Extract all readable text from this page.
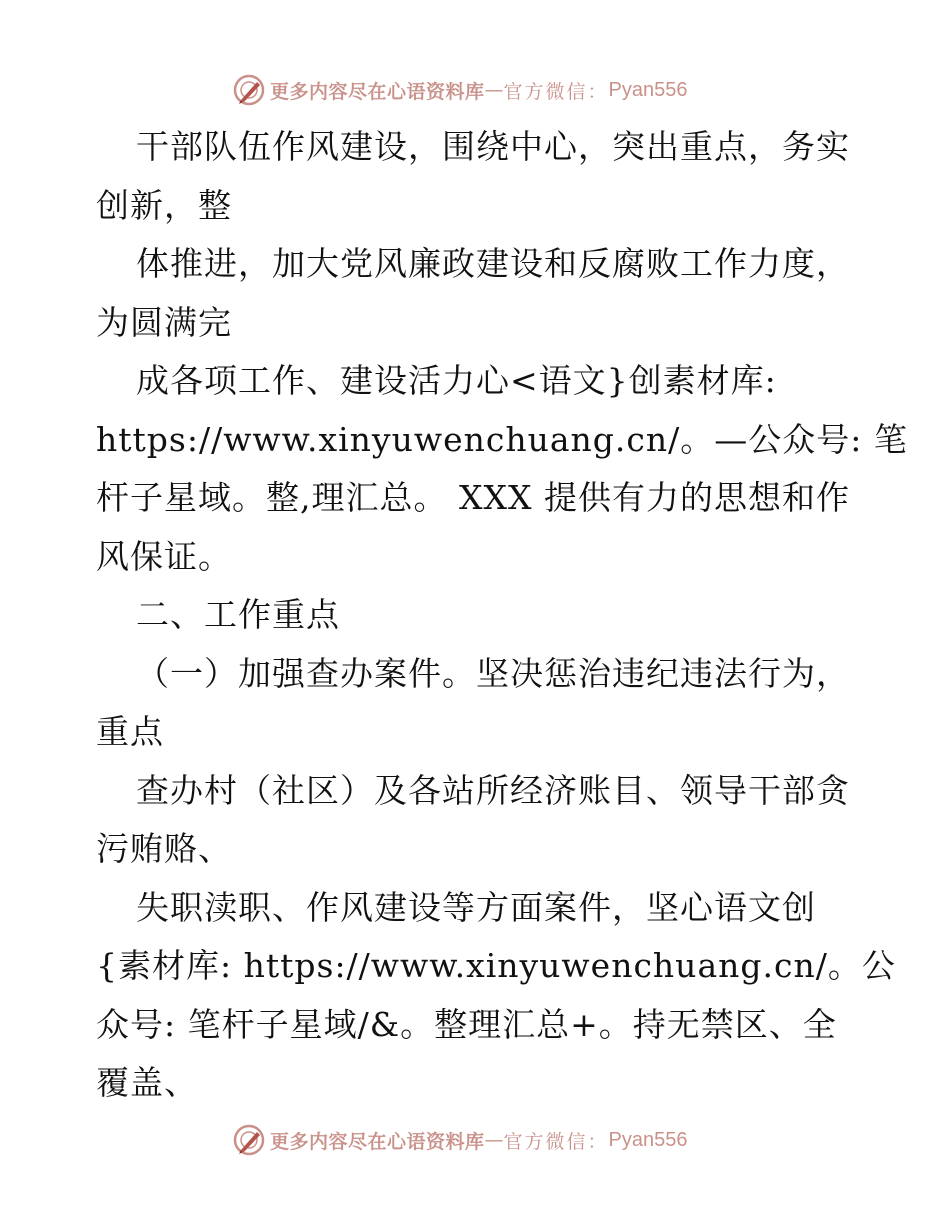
更多内容尽在心语资料库 — 官方微信： Pyan556
干部队伍作风建设，围绕中心，突出重点，务实
创新，整
体推进，加大党风廉政建设和反腐败工作力度，
为圆满完
成各项工作、建设活力心<语文}创素材库:
https://www.xinyuwenchuang.cn/。—公众号: 笔
杆子星域。整,理汇总。 XXX 提供有力的思想和作
风保证。
二、工作重点
（一）加强查办案件。坚决惩治违纪违法行为，
重点
查办村（社区）及各站所经济账目、领导干部贪
污贿赂、
失职渎职、作风建设等方面案件，坚心语文创
{素材库: https://www.xinyuwenchuang.cn/。公
众号: 笔杆子星域/&。整理汇总+。持无禁区、全
覆盖、
更多内容尽在心语资料库 — 官方微信： Pyan556
